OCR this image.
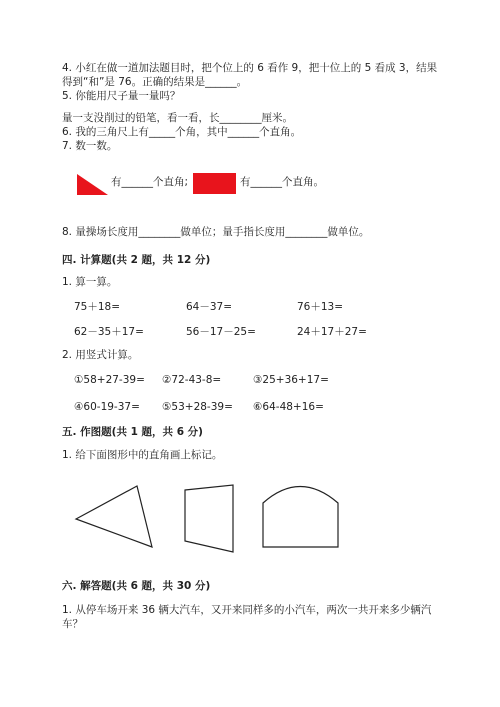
4. 小红在做一道加法题目时，把个位上的 6 看作 9，把十位上的 5 看成 3，结果
得到“和”是 76。正确的结果是______。
5. 你能用尺子量一量吗？
量一支没削过的铅笔，看一看，长________厘米。
6. 我的三角尺上有_____个角，其中______个直角。
7. 数一数。
有______个直角;	有______个直角。
8. 量操场长度用________做单位；量手指长度用________做单位。
四. 计算题(共 2 题，共 12 分)
1. 算一算。
75＋18=	64－37=	76＋13=
62－35＋17=	56－17－25=	24＋17＋27=
2. 用竖式计算。
①58+27-39= ②72-43-8=	③25+36+17=
④60-19-37= ⑤53+28-39= ⑥64-48+16=
五. 作图题(共 1 题，共 6 分)
1. 给下面图形中的直角画上标记。
六. 解答题(共 6 题，共 30 分)
1. 从停车场开来 36 辆大汽车，又开来同样多的小汽车，两次一共开来多少辆汽
车？
